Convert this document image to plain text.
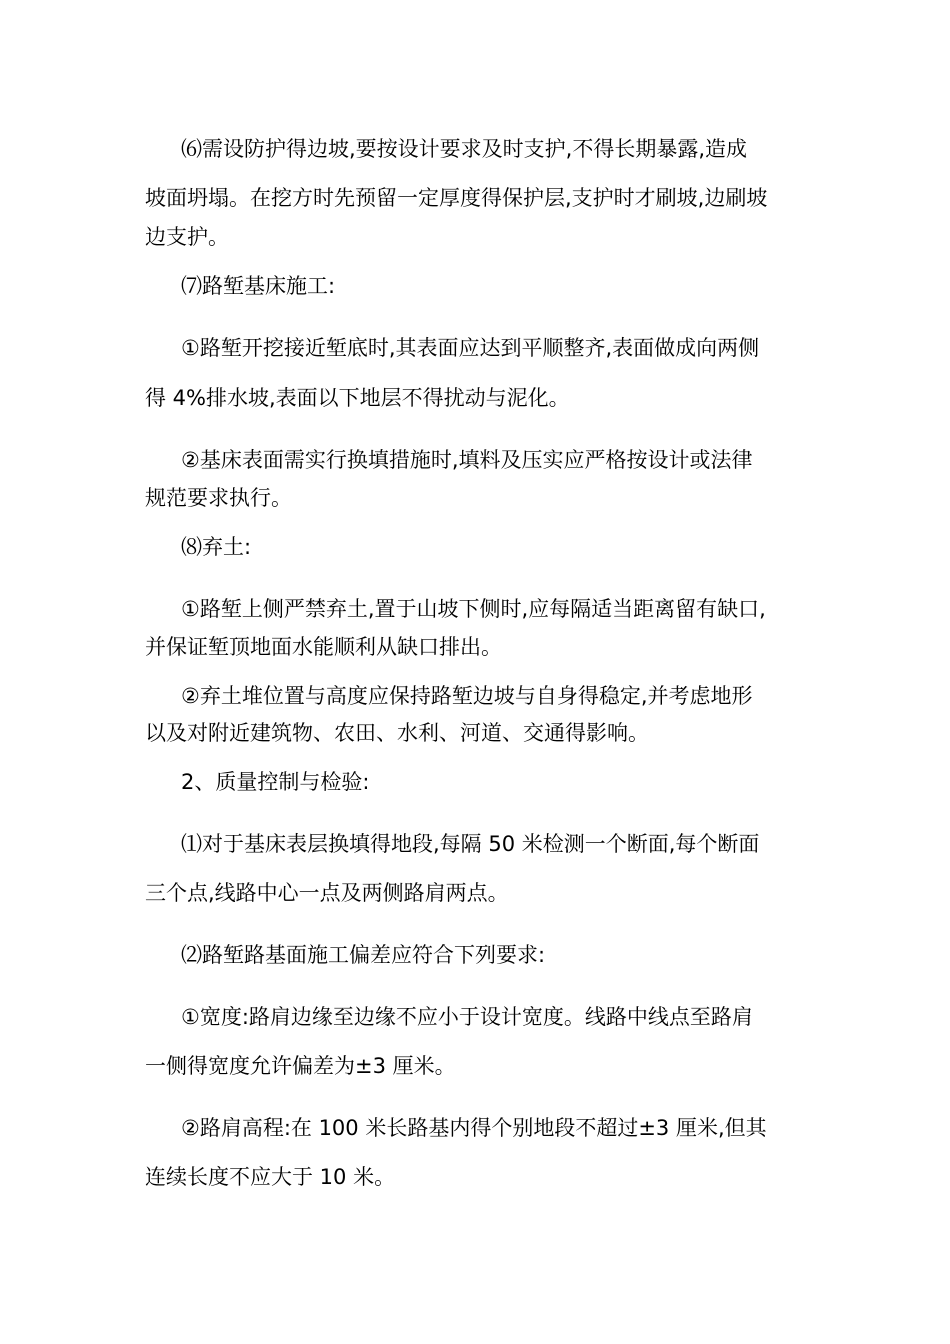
⑹需设防护得边坡,要按设计要求及时支护,不得长期暴露,造成

坡面坍塌。在挖方时先预留一定厚度得保护层,支护时才刷坡,边刷坡

边支护。

⑺路堑基床施工:

①路堑开挖接近堑底时,其表面应达到平顺整齐,表面做成向两侧

得 4%排水坡,表面以下地层不得扰动与泥化。

②基床表面需实行换填措施时,填料及压实应严格按设计或法律

规范要求执行。

⑻弃土:

①路堑上侧严禁弃土,置于山坡下侧时,应每隔适当距离留有缺口,

并保证堑顶地面水能顺利从缺口排出。

②弃土堆位置与高度应保持路堑边坡与自身得稳定,并考虑地形

以及对附近建筑物、农田、水利、河道、交通得影响。

2、质量控制与检验:

⑴对于基床表层换填得地段,每隔 50 米检测一个断面,每个断面

三个点,线路中心一点及两侧路肩两点。

⑵路堑路基面施工偏差应符合下列要求:

①宽度:路肩边缘至边缘不应小于设计宽度。线路中线点至路肩

一侧得宽度允许偏差为±3 厘米。

②路肩高程:在 100 米长路基内得个别地段不超过±3 厘米,但其

连续长度不应大于 10 米。
